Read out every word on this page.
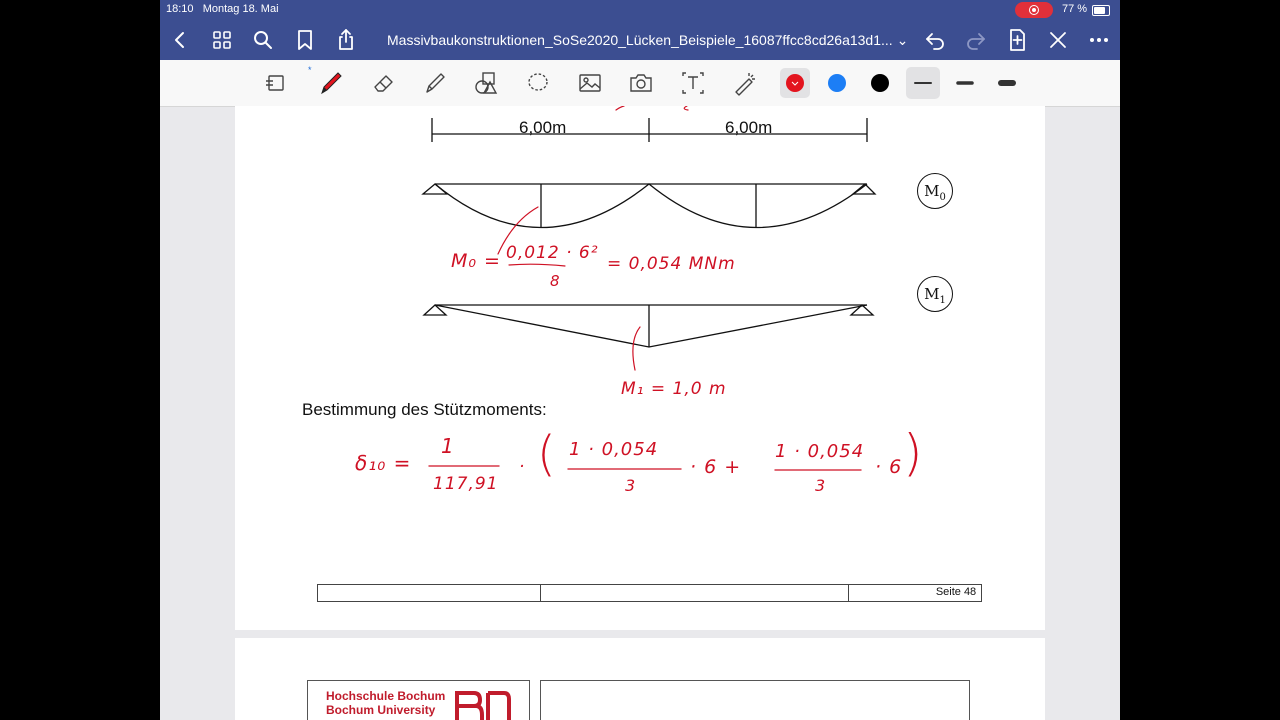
18:10 Montag 18. Mai	77 %
Massivbaukonstruktionen_SoSe2020_Lücken_Beispiele_16087ffcc8cd26a13d1... ⌄
*
6,00m	6,00m
$M_0$
$M_1$
M₀ = 0,012 · 6²
8
= 0,054 MNm
M₁ = 1,0 m
Bestimmung des Stützmoments:
δ₁₀ =
1
117,91
· ( 1 · 0,054
3
· 6 +
1 · 0,054
3
· 6 )
Seite 48
Hochschule Bochum
Bochum University
